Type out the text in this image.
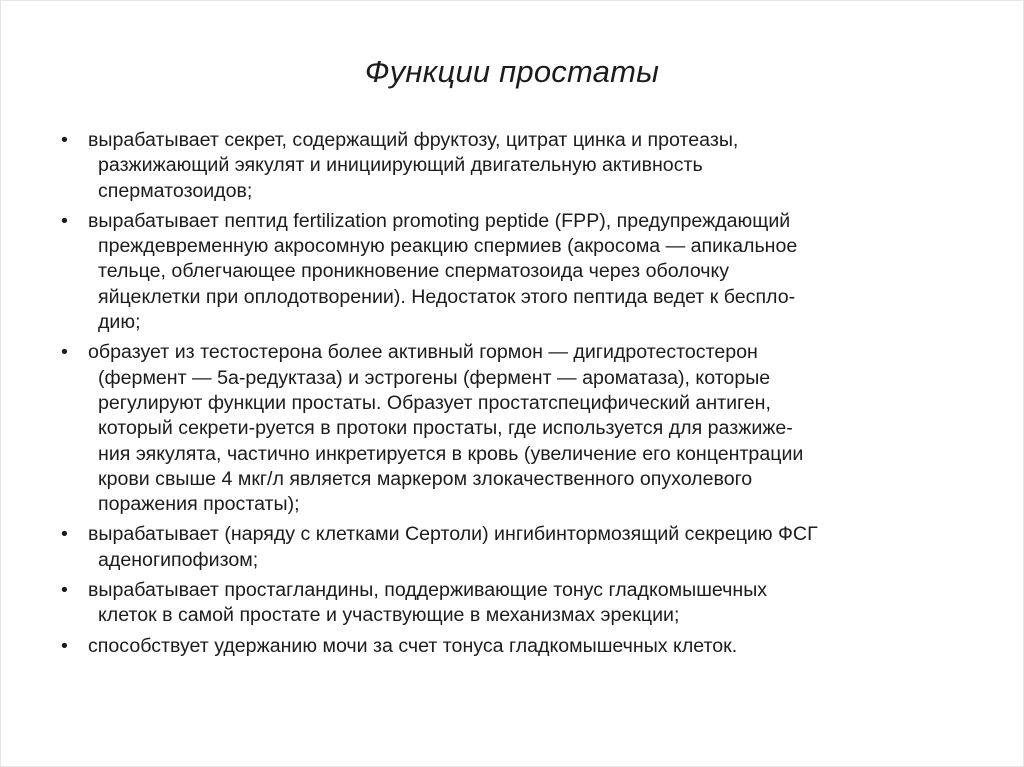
Функции простаты
• вырабатывает секрет, содержащий фруктозу, цитрат цинка и протеазы,
разжижающий эякулят и инициирующий двигательную активность
сперматозоидов;
• вырабатывает пептид fertilization promoting peptide (FPP), предупреждающий
преждевременную акросомную реакцию спермиев (акросома — апикальное
тельце, облегчающее проникновение сперматозоида через оболочку
яйцеклетки при оплодотворении). Недостаток этого пептида ведет к беспло-
дию;
• образует из тестостерона более активный гормон — дигидротестостерон
(фермент — 5а-редуктаза) и эстрогены (фермент — ароматаза), которые
регулируют функции простаты. Образует простатспецифический антиген,
который секрети-руется в протоки простаты, где используется для разжиже-
ния эякулята, частично инкретируется в кровь (увеличение его концентрации
крови свыше 4 мкг/л является маркером злокачественного опухолевого
поражения простаты);
• вырабатывает (наряду с клетками Сертоли) ингибинтормозящий секрецию ФСГ
аденогипофизом;
• вырабатывает простагландины, поддерживающие тонус гладкомышечных
клеток в самой простате и участвующие в механизмах эрекции;
• способствует удержанию мочи за счет тонуса гладкомышечных клеток.
